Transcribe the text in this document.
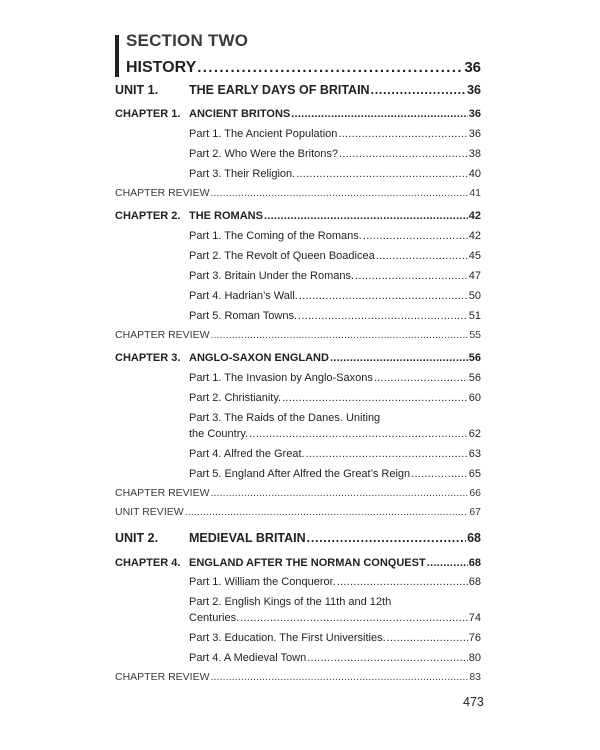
SECTION TWO
HISTORY . . .	36
UNIT 1.	THE EARLY DAYS OF BRITAIN . . .	36
CHAPTER 1. ANCIENT BRITONS . . .	36
Part 1. The Ancient Population . . .	36
Part 2. Who Were the Britons? . . .	38
Part 3. Their Religion. . . .	40
CHAPTER REVIEW . . .	41
CHAPTER 2. THE ROMANS . . .	42
Part 1. The Coming of the Romans. . . .	42
Part 2. The Revolt of Queen Boadicea . . .	45
Part 3. Britain Under the Romans. . . .	47
Part 4. Hadrian’s Wall. . . .	50
Part 5. Roman Towns. . . .	51
CHAPTER REVIEW . . .	55
CHAPTER 3. ANGLO-SAXON ENGLAND . . .	56
Part 1. The Invasion by Anglo-Saxons . . .	56
Part 2. Christianity. . . .	60
Part 3. The Raids of the Danes. Uniting
the Country. . . .	62
Part 4. Alfred the Great. . . .	63
Part 5. England After Alfred the Great’s Reign . . .	65
CHAPTER REVIEW . . .	66
UNIT REVIEW . . .	67
UNIT 2.	MEDIEVAL BRITAIN . . .	68
CHAPTER 4. ENGLAND AFTER THE NORMAN CONQUEST . . .	68
Part 1. William the Conqueror. . . .	68
Part 2. English Kings of the 11th and 12th
Centuries. . . .	74
Part 3. Education. The First Universities. . . .	76
Part 4. A Medieval Town . . .	80
CHAPTER REVIEW . . .	83
473
